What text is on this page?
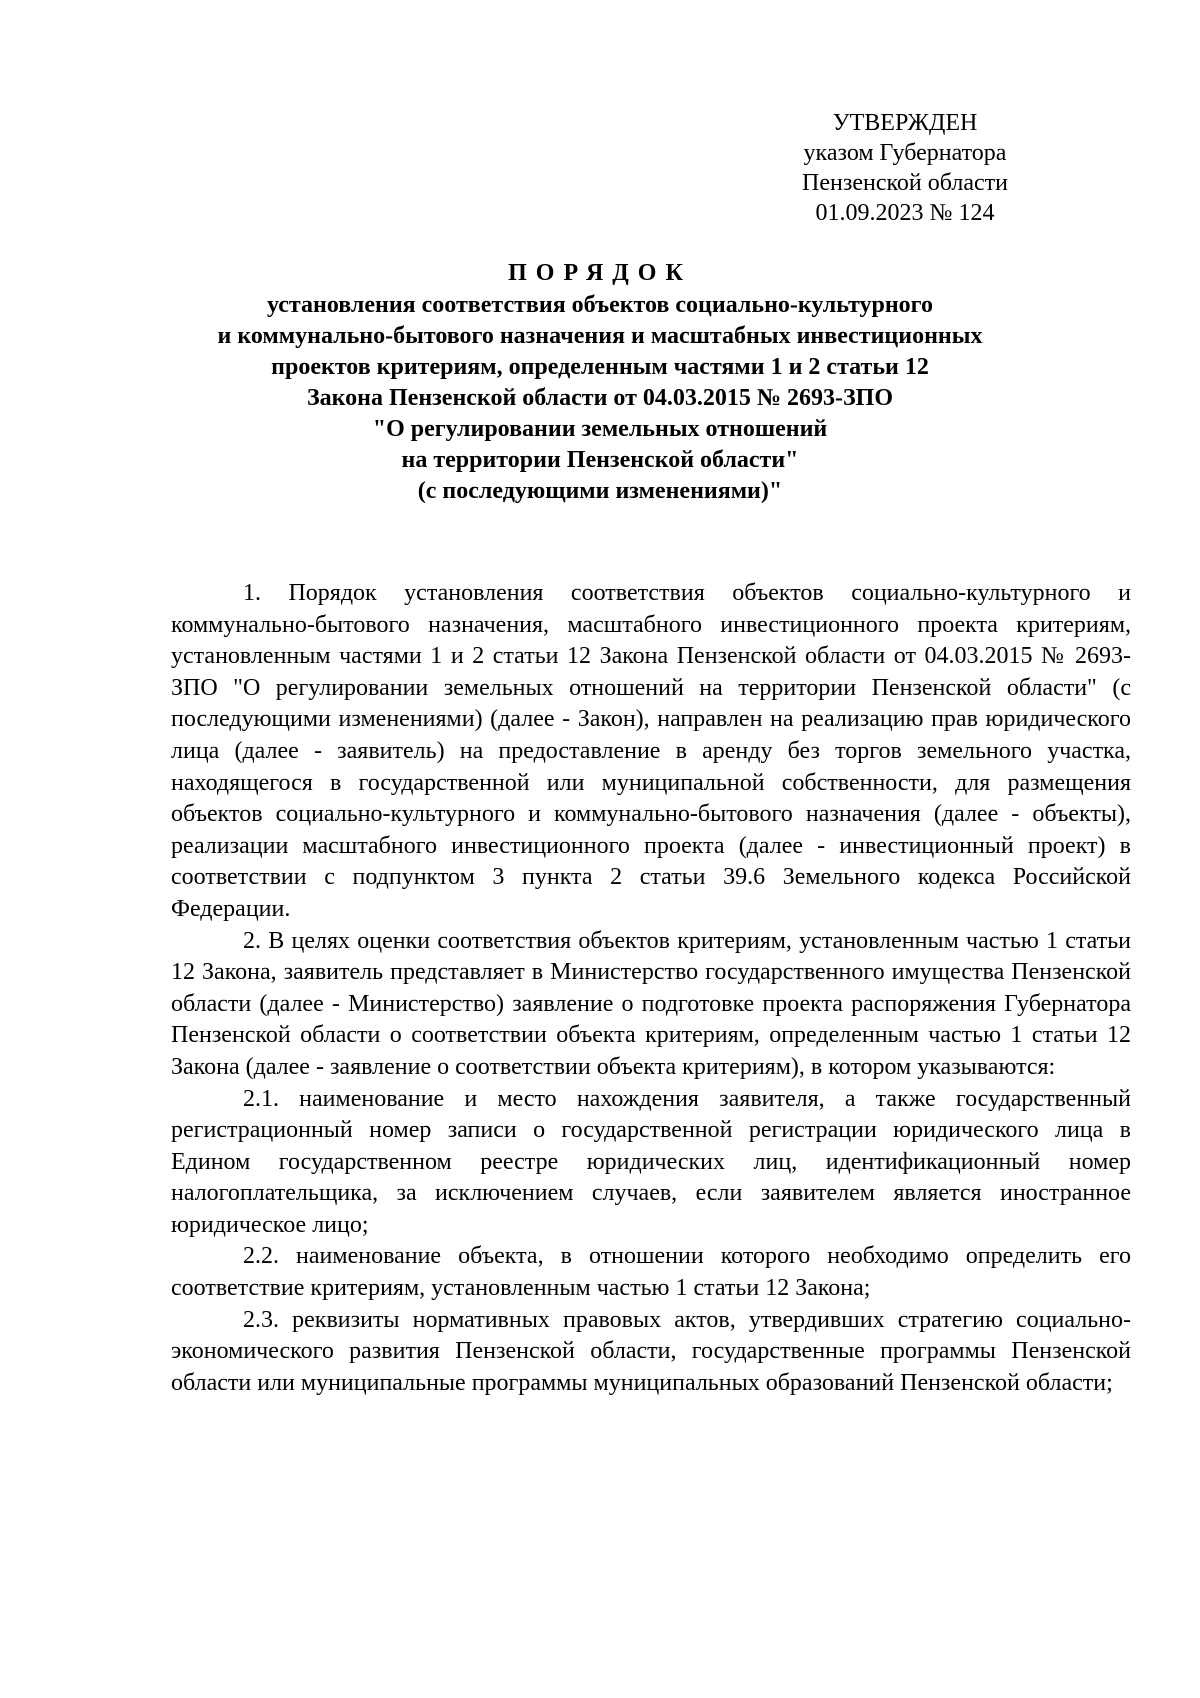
УТВЕРЖДЕН
указом Губернатора
Пензенской области
01.09.2023 № 124
ПОРЯДОК
установления соответствия объектов социально-культурного
и коммунально-бытового назначения и масштабных инвестиционных
проектов критериям, определенным частями 1 и 2 статьи 12
Закона Пензенской области от 04.03.2015 № 2693-ЗПО
"О регулировании земельных отношений
на территории Пензенской области"
(с последующими изменениями)"

1. Порядок установления соответствия объектов социально-культурного и коммунально-бытового назначения, масштабного инвестиционного проекта критериям, установленным частями 1 и 2 статьи 12 Закона Пензенской области от 04.03.2015 № 2693-ЗПО "О регулировании земельных отношений на территории Пензенской области" (с последующими изменениями) (далее - Закон), направлен на реализацию прав юридического лица (далее - заявитель) на предоставление в аренду без торгов земельного участка, находящегося в государственной или муниципальной собственности, для размещения объектов социально-культурного и коммунально-бытового назначения (далее - объекты), реализации масштабного инвестиционного проекта (далее - инвестиционный проект) в соответствии с подпунктом 3 пункта 2 статьи 39.6 Земельного кодекса Российской Федерации.

2. В целях оценки соответствия объектов критериям, установленным частью 1 статьи 12 Закона, заявитель представляет в Министерство государственного имущества Пензенской области (далее - Министерство) заявление о подготовке проекта распоряжения Губернатора Пензенской области о соответствии объекта критериям, определенным частью 1 статьи 12 Закона (далее - заявление о соответствии объекта критериям), в котором указываются:

2.1. наименование и место нахождения заявителя, а также государственный регистрационный номер записи о государственной регистрации юридического лица в Едином государственном реестре юридических лиц, идентификационный номер налогоплательщика, за исключением случаев, если заявителем является иностранное юридическое лицо;

2.2. наименование объекта, в отношении которого необходимо определить его соответствие критериям, установленным частью 1 статьи 12 Закона;

2.3. реквизиты нормативных правовых актов, утвердивших стратегию социально-экономического развития Пензенской области, государственные программы Пензенской области или муниципальные программы муниципальных образований Пензенской области;
